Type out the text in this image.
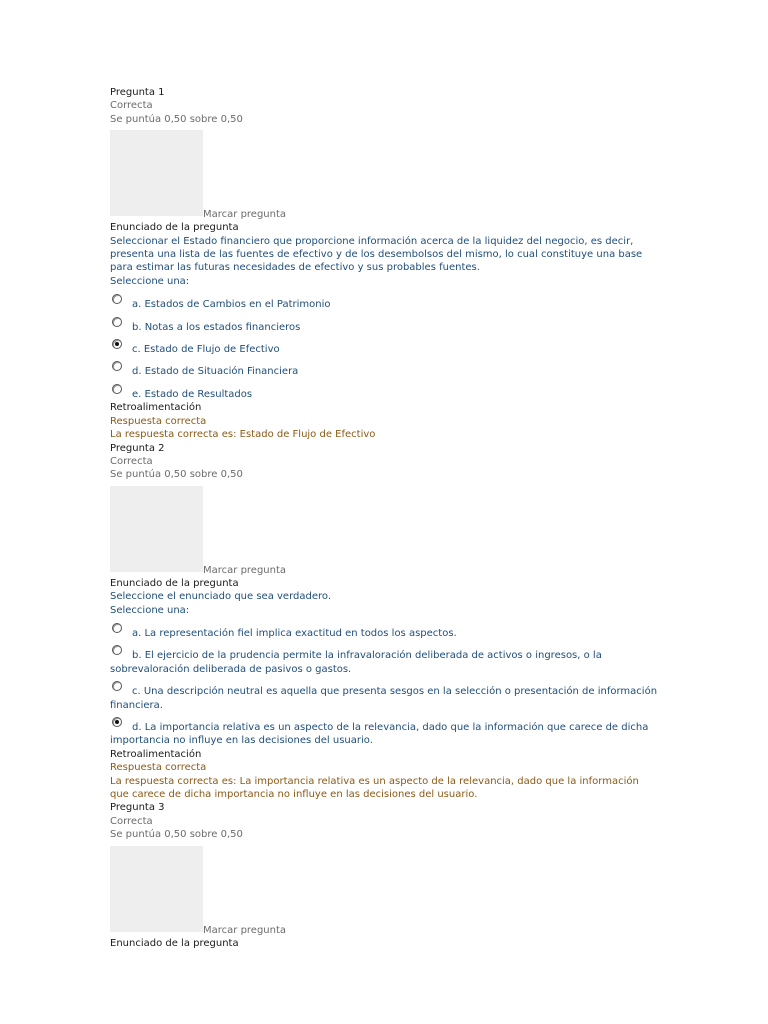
Pregunta 1
Correcta
Se puntúa 0,50 sobre 0,50
Marcar pregunta
Enunciado de la pregunta
Seleccionar el Estado financiero que proporcione información acerca de la liquidez del negocio, es decir, presenta una lista de las fuentes de efectivo y de los desembolsos del mismo, lo cual constituye una base para estimar las futuras necesidades de efectivo y sus probables fuentes.
Seleccione una:
a. Estados de Cambios en el Patrimonio
b. Notas a los estados financieros
c. Estado de Flujo de Efectivo
d. Estado de Situación Financiera
e. Estado de Resultados
Retroalimentación
Respuesta correcta
La respuesta correcta es: Estado de Flujo de Efectivo
Pregunta 2
Correcta
Se puntúa 0,50 sobre 0,50
Marcar pregunta
Enunciado de la pregunta
Seleccione el enunciado que sea verdadero.
Seleccione una:
a. La representación fiel implica exactitud en todos los aspectos.
b. El ejercicio de la prudencia permite la infravaloración deliberada de activos o ingresos, o la sobrevaloración deliberada de pasivos o gastos.
c. Una descripción neutral es aquella que presenta sesgos en la selección o presentación de información financiera.
d. La importancia relativa es un aspecto de la relevancia, dado que la información que carece de dicha importancia no influye en las decisiones del usuario.
Retroalimentación
Respuesta correcta
La respuesta correcta es: La importancia relativa es un aspecto de la relevancia, dado que la información que carece de dicha importancia no influye en las decisiones del usuario.
Pregunta 3
Correcta
Se puntúa 0,50 sobre 0,50
Marcar pregunta
Enunciado de la pregunta
